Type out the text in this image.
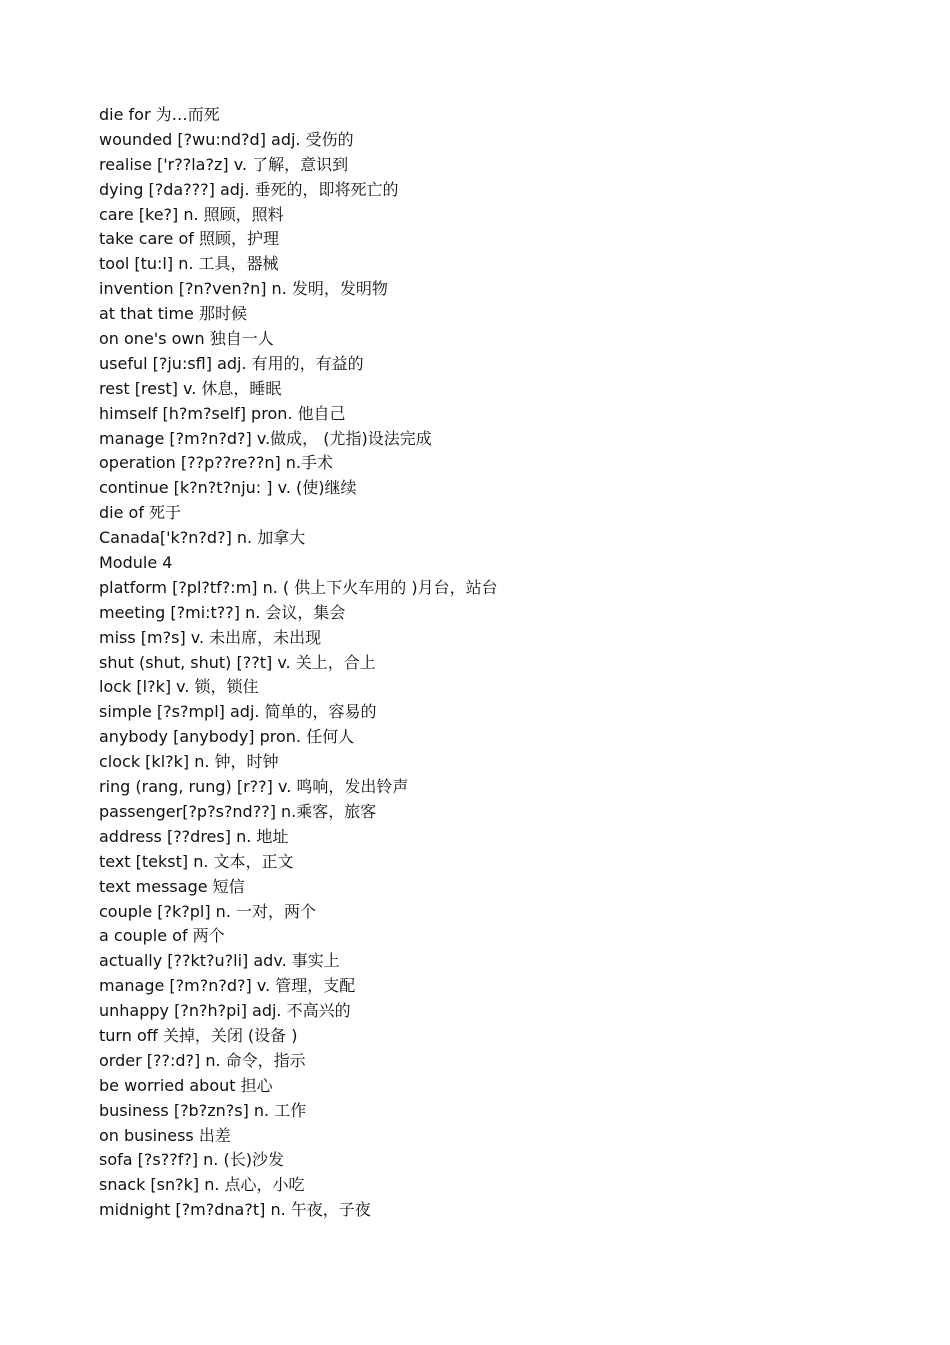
die for 为…而死
wounded [?wu:nd?d] adj. 受伤的
realise ['r??la?z] v. 了解，意识到
dying [?da???] adj. 垂死的，即将死亡的
care [ke?] n. 照顾，照料
take care of 照顾，护理
tool [tu:l] n. 工具，器械
invention [?n?ven?n] n. 发明，发明物
at that time 那时候
on one's own 独自一人
useful [?ju:sfl] adj. 有用的，有益的
rest [rest] v. 休息，睡眠
himself [h?m?self] pron. 他自己
manage [?m?n?d?] v.做成， (尤指)设法完成
operation [??p??re??n] n.手术
continue [k?n?t?nju: ] v. (使)继续
die of 死于
Canada['k?n?d?] n. 加拿大
Module 4
platform [?pl?tf?:m] n. ( 供上下火车用的 )月台，站台
meeting [?mi:t??] n. 会议，集会
miss [m?s] v. 未出席，未出现
shut (shut, shut) [??t] v. 关上，合上
lock [l?k] v. 锁，锁住
simple [?s?mpl] adj. 简单的，容易的
anybody [anybody] pron. 任何人
clock [kl?k] n. 钟，时钟
ring (rang, rung) [r??] v. 鸣响，发出铃声
passenger[?p?s?nd??] n.乘客，旅客
address [??dres] n. 地址
text [tekst] n. 文本，正文
text message 短信
couple [?k?pl] n. 一对，两个
a couple of 两个
actually [??kt?u?li] adv. 事实上
manage [?m?n?d?] v. 管理，支配
unhappy [?n?h?pi] adj. 不高兴的
turn off 关掉，关闭 (设备 )
order [??:d?] n. 命令，指示
be worried about 担心
business [?b?zn?s] n. 工作
on business 出差
sofa [?s??f?] n. (长)沙发
snack [sn?k] n. 点心，小吃
midnight [?m?dna?t] n. 午夜，子夜
